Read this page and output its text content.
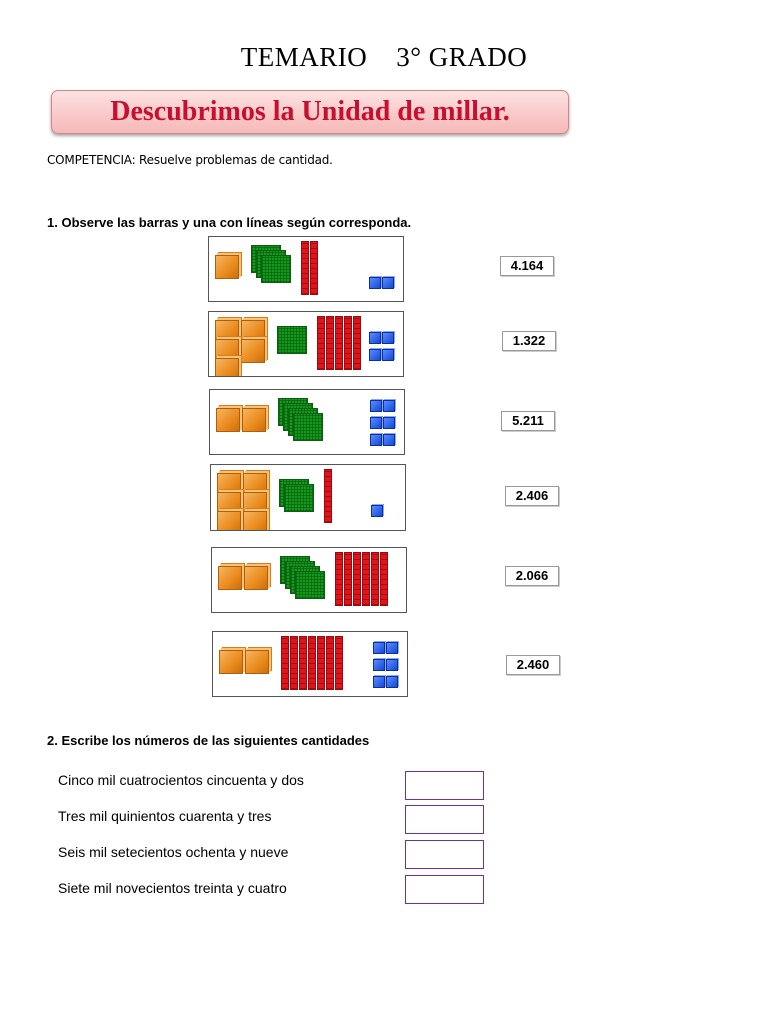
TEMARIO    3° GRADO
Descubrimos la Unidad de millar.
COMPETENCIA: Resuelve problemas de cantidad.
1. Observe las barras y una con líneas según corresponda.
4.164
1.322
5.211
2.406
2.066
2.460
2. Escribe los números de las siguientes cantidades
Cinco mil cuatrocientos cincuenta y dos
Tres mil quinientos cuarenta y tres
Seis mil setecientos ochenta y nueve
Siete mil novecientos treinta y cuatro
